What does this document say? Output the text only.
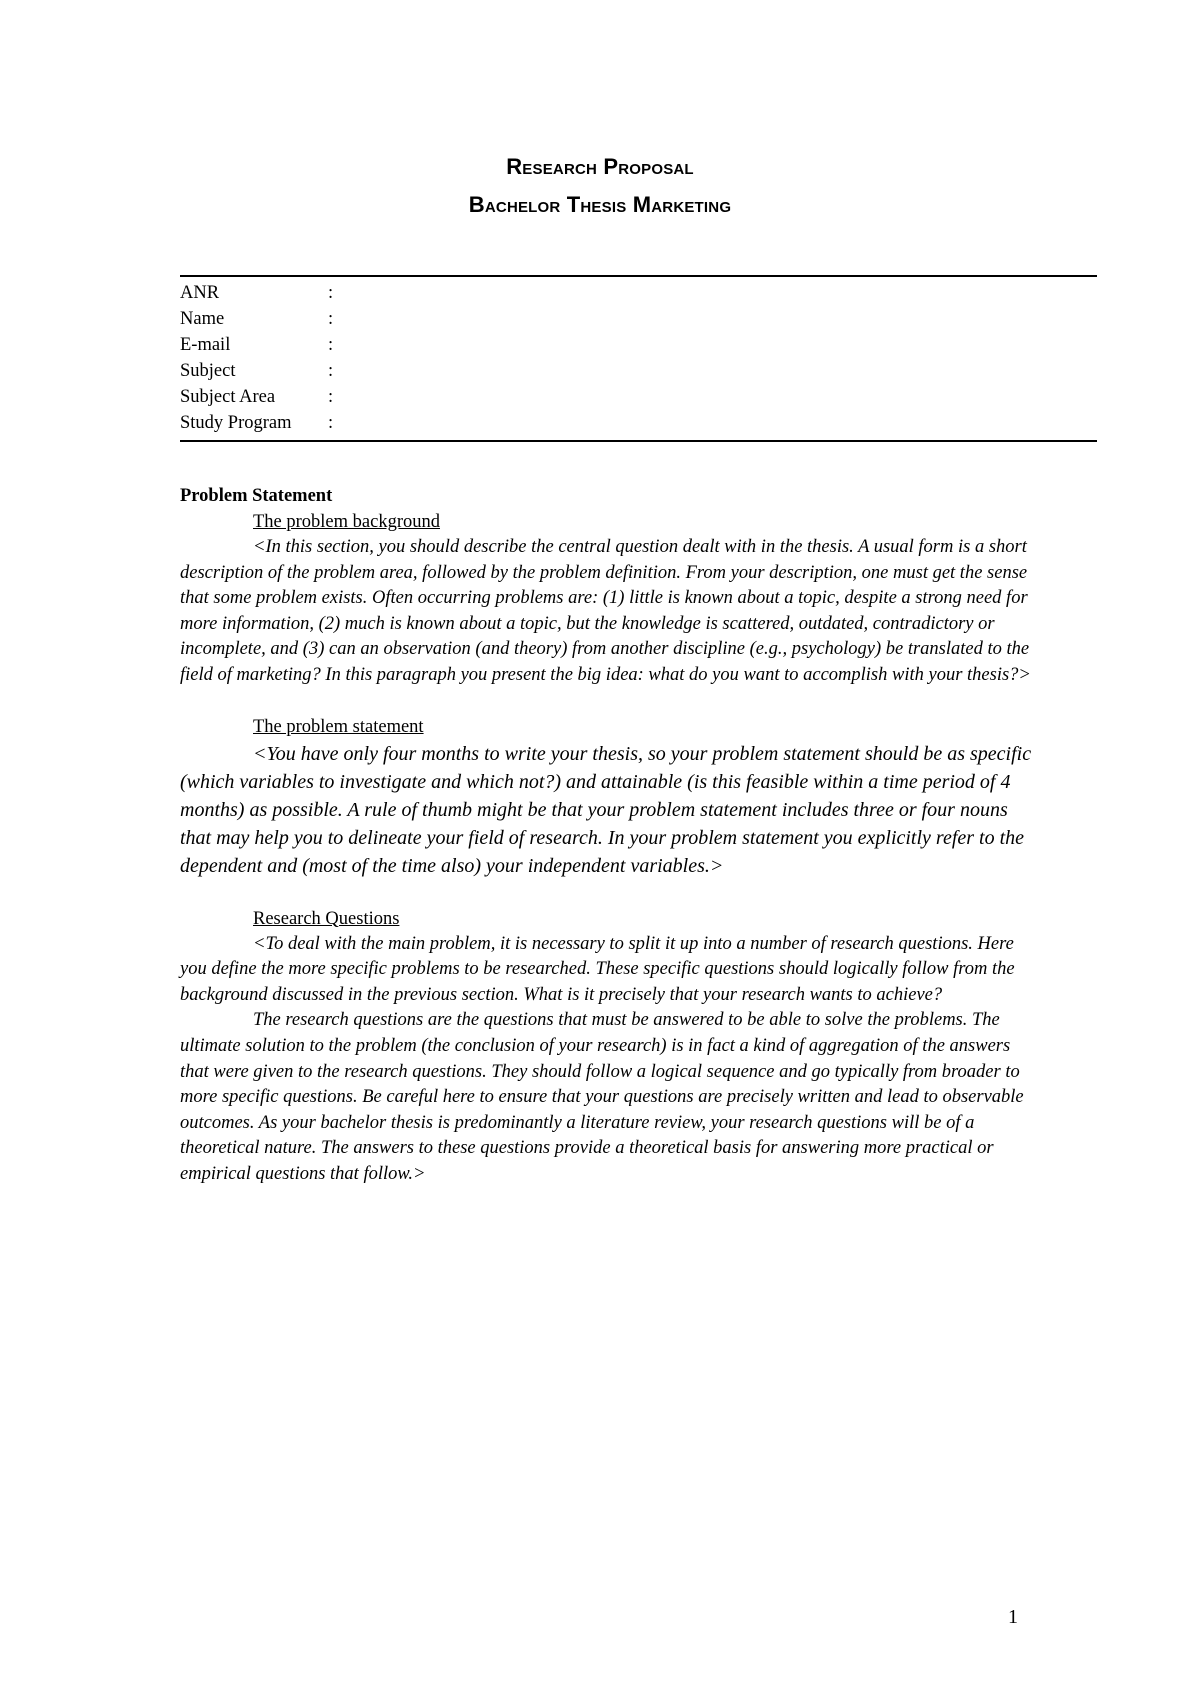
Research Proposal
Bachelor Thesis Marketing
ANR	:
Name	:
E-mail	:
Subject	:
Subject Area	:
Study Program	:
Problem Statement
The problem background

<In this section, you should describe the central question dealt with in the thesis. A usual form is a short description of the problem area, followed by the problem definition. From your description, one must get the sense that some problem exists. Often occurring problems are: (1) little is known about a topic, despite a strong need for more information, (2) much is known about a topic, but the knowledge is scattered, outdated, contradictory or incomplete, and (3) can an observation (and theory) from another discipline (e.g., psychology) be translated to the field of marketing? In this paragraph you present the big idea: what do you want to accomplish with your thesis?>

The problem statement

<You have only four months to write your thesis, so your problem statement should be as specific (which variables to investigate and which not?) and attainable (is this feasible within a time period of 4 months) as possible. A rule of thumb might be that your problem statement includes three or four nouns that may help you to delineate your field of research. In your problem statement you explicitly refer to the dependent and (most of the time also) your independent variables.>

Research Questions

<To deal with the main problem, it is necessary to split it up into a number of research questions. Here you define the more specific problems to be researched. These specific questions should logically follow from the background discussed in the previous section. What is it precisely that your research wants to achieve?

The research questions are the questions that must be answered to be able to solve the problems. The ultimate solution to the problem (the conclusion of your research) is in fact a kind of aggregation of the answers that were given to the research questions. They should follow a logical sequence and go typically from broader to more specific questions. Be careful here to ensure that your questions are precisely written and lead to observable outcomes. As your bachelor thesis is predominantly a literature review, your research questions will be of a theoretical nature. The answers to these questions provide a theoretical basis for answering more practical or empirical questions that follow.>

1
